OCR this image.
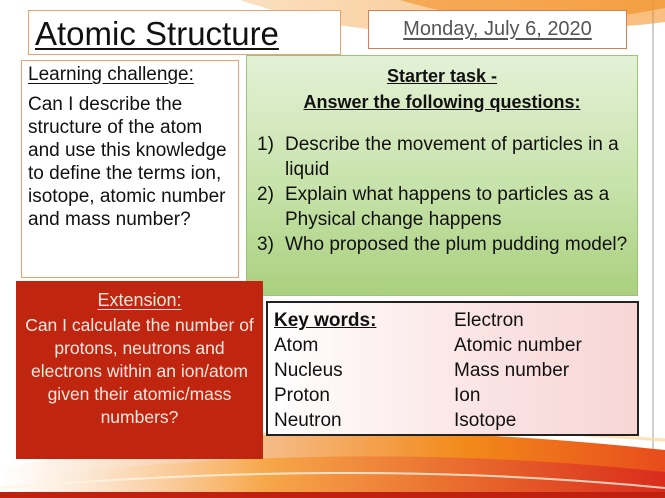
Atomic Structure	Monday, July 6, 2020
Learning challenge:
Can I describe the structure of the atom and use this knowledge to define the terms ion, isotope, atomic number and mass number?
Starter task -
Answer the following questions:
1) Describe the movement of particles in a liquid
2) Explain what happens to particles as a Physical change happens
3) Who proposed the plum pudding model?
Extension:
Can I calculate the number of protons, neutrons and electrons within an ion/atom given their atomic/mass numbers?
Key words:
Atom
Nucleus
Proton
Neutron
Electron
Atomic number
Mass number
Ion
Isotope
